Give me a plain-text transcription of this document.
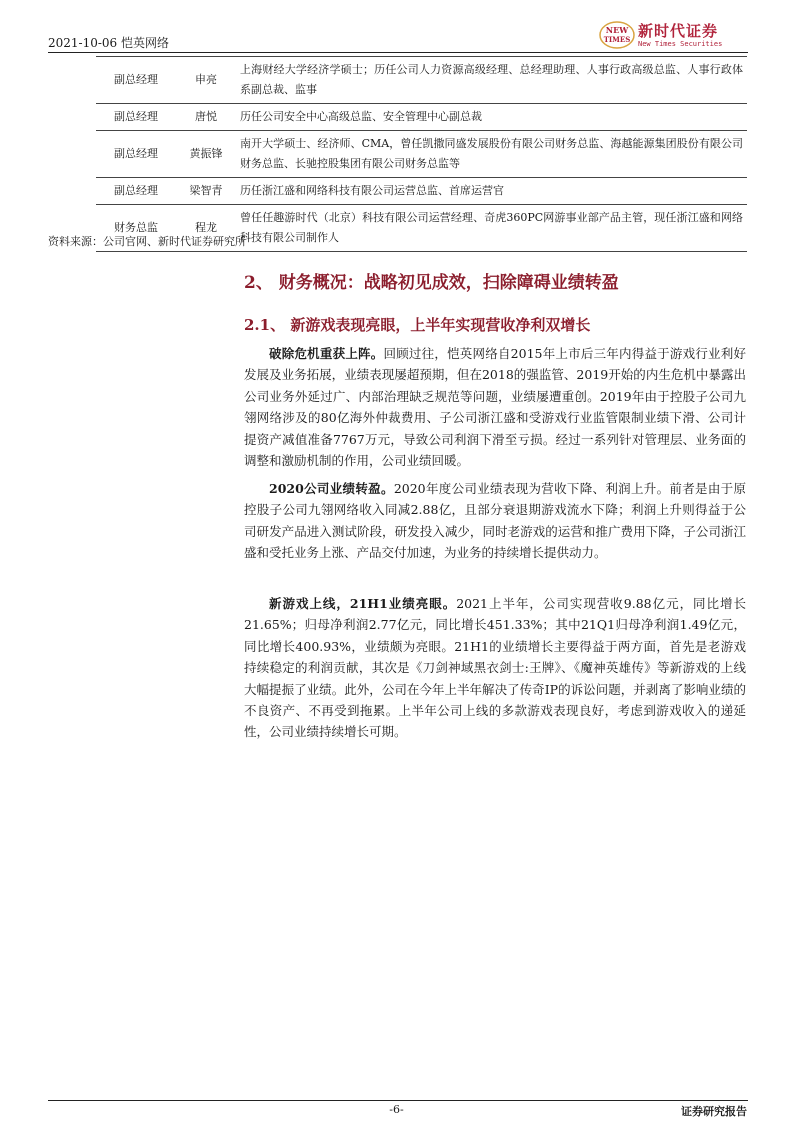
2021-10-06 恺英网络
NEW
TIMES 新时代证券
New Times Securities
副总经理	申亮	上海财经大学经济学硕士；历任公司人力资源高级经理、总经理助理、人事行政高级总监、人事行政体系副总裁、监事
副总经理	唐悦	历任公司安全中心高级总监、安全管理中心副总裁
副总经理	黄振锋	南开大学硕士、经济师、CMA，曾任凯撒同盛发展股份有限公司财务总监、海越能源集团股份有限公司财务总监、长驰控股集团有限公司财务总监等
副总经理	梁智青	历任浙江盛和网络科技有限公司运营总监、首席运营官
财务总监	程龙	曾任任趣游时代（北京）科技有限公司运营经理、奇虎360PC网游事业部产品主管，现任浙江盛和网络科技有限公司制作人
资料来源：公司官网、新时代证券研究所
2、 财务概况：战略初见成效，扫除障碍业绩转盈
2.1、 新游戏表现亮眼，上半年实现营收净利双增长

破除危机重获上阵。回顾过往，恺英网络自2015年上市后三年内得益于游戏行业利好发展及业务拓展，业绩表现屡超预期，但在2018的强监管、2019开始的内生危机中暴露出公司业务外延过广、内部治理缺乏规范等问题，业绩屡遭重创。2019年由于控股子公司九翎网络涉及的80亿海外仲裁费用、子公司浙江盛和受游戏行业监管限制业绩下滑、公司计提资产减值准备7767万元，导致公司利润下滑至亏损。经过一系列针对管理层、业务面的调整和激励机制的作用，公司业绩回暖。

2020公司业绩转盈。2020年度公司业绩表现为营收下降、利润上升。前者是由于原控股子公司九翎网络收入同减2.88亿，且部分衰退期游戏流水下降；利润上升则得益于公司研发产品进入测试阶段，研发投入减少，同时老游戏的运营和推广费用下降，子公司浙江盛和受托业务上涨、产品交付加速，为业务的持续增长提供动力。

新游戏上线，21H1业绩亮眼。2021上半年，公司实现营收9.88亿元，同比增长21.65%；归母净利润2.77亿元，同比增长451.33%；其中21Q1归母净利润1.49亿元，同比增长400.93%，业绩颇为亮眼。21H1的业绩增长主要得益于两方面，首先是老游戏持续稳定的利润贡献，其次是《刀剑神域黑衣剑士:王牌》、《魔神英雄传》等新游戏的上线大幅提振了业绩。此外，公司在今年上半年解决了传奇IP的诉讼问题，并剥离了影响业绩的不良资产、不再受到拖累。上半年公司上线的多款游戏表现良好，考虑到游戏收入的递延性，公司业绩持续增长可期。

-6-	证券研究报告
